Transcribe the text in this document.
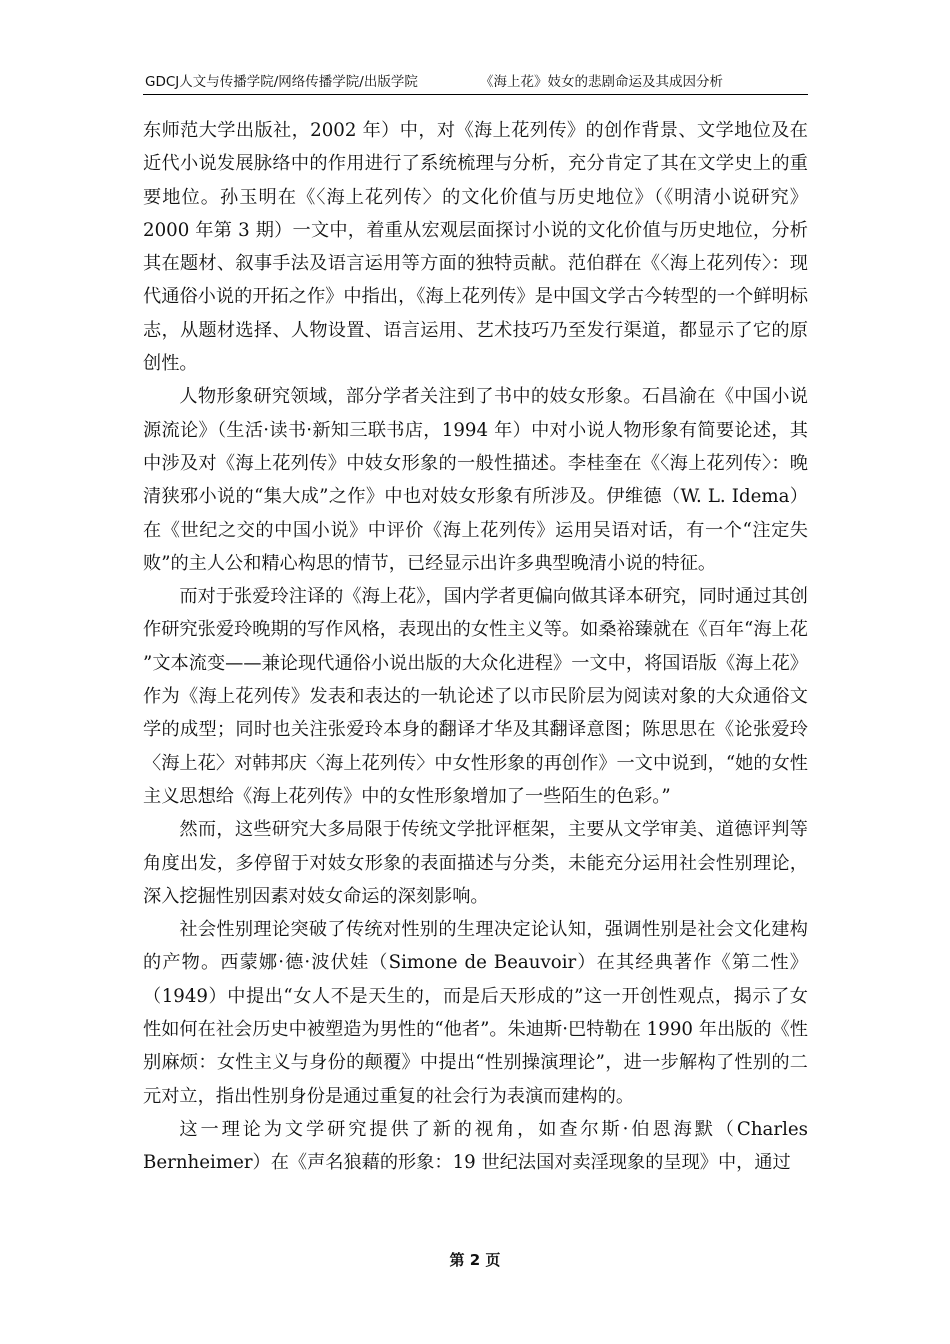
GDCJ人文与传播学院/网络传播学院/出版学院	《海上花》妓女的悲剧命运及其成因分析

东师范大学出版社，2002 年）中，对《海上花列传》的创作背景、文学地位及在近代小说发展脉络中的作用进行了系统梳理与分析，充分肯定了其在文学史上的重要地位。孙玉明在《〈海上花列传〉的文化价值与历史地位》（《明清小说研究》2000 年第 3 期）一文中，着重从宏观层面探讨小说的文化价值与历史地位，分析其在题材、叙事手法及语言运用等方面的独特贡献。范伯群在《〈海上花列传〉：现代通俗小说的开拓之作》中指出，《海上花列传》是中国文学古今转型的一个鲜明标志，从题材选择、人物设置、语言运用、艺术技巧乃至发行渠道，都显示了它的原创性。

人物形象研究领域，部分学者关注到了书中的妓女形象。石昌渝在《中国小说源流论》（生活·读书·新知三联书店，1994 年）中对小说人物形象有简要论述，其中涉及对《海上花列传》中妓女形象的一般性描述。李桂奎在《〈海上花列传〉：晚清狭邪小说的“集大成”之作》中也对妓女形象有所涉及。伊维德（W. L. Idema）在《世纪之交的中国小说》中评价《海上花列传》运用吴语对话，有一个“注定失败”的主人公和精心构思的情节，已经显示出许多典型晚清小说的特征。

而对于张爱玲注译的《海上花》，国内学者更偏向做其译本研究，同时通过其创作研究张爱玲晚期的写作风格，表现出的女性主义等。如桑裕臻就在《百年“海上花 ”文本流变——兼论现代通俗小说出版的大众化进程》一文中，将国语版《海上花》作为《海上花列传》发表和表达的一轨论述了以市民阶层为阅读对象的大众通俗文学的成型；同时也关注张爱玲本身的翻译才华及其翻译意图；陈思思在《论张爱玲〈海上花〉对韩邦庆〈海上花列传〉中女性形象的再创作》一文中说到，“她的女性主义思想给《海上花列传》中的女性形象增加了一些陌生的色彩。”

然而，这些研究大多局限于传统文学批评框架，主要从文学审美、道德评判等角度出发，多停留于对妓女形象的表面描述与分类，未能充分运用社会性别理论，深入挖掘性别因素对妓女命运的深刻影响。

社会性别理论突破了传统对性别的生理决定论认知，强调性别是社会文化建构的产物。西蒙娜·德·波伏娃（Simone de Beauvoir）在其经典著作《第二性》（1949）中提出“女人不是天生的，而是后天形成的”这一开创性观点，揭示了女性如何在社会历史中被塑造为男性的“他者”。朱迪斯·巴特勒在 1990 年出版的《性别麻烦：女性主义与身份的颠覆》中提出“性别操演理论”，进一步解构了性别的二元对立，指出性别身份是通过重复的社会行为表演而建构的。

这一理论为文学研究提供了新的视角，如查尔斯·伯恩海默（Charles Bernheimer）在《声名狼藉的形象：19 世纪法国对卖淫现象的呈现》中，通过

第 2 页
